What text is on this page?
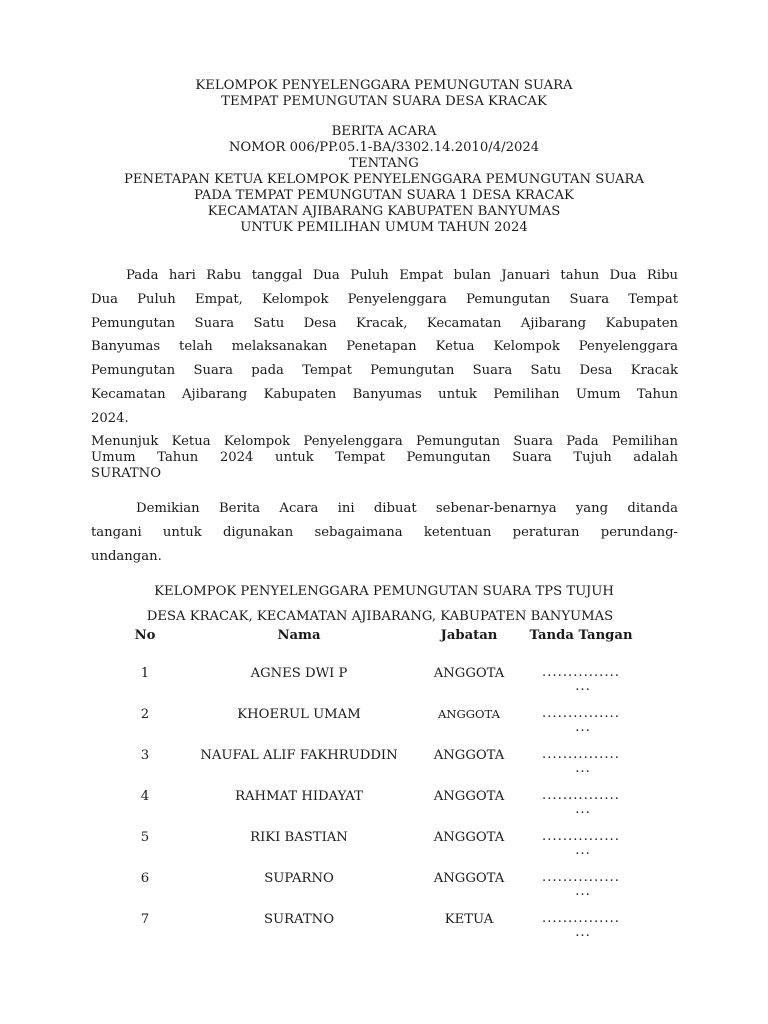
KELOMPOK PENYELENGGARA PEMUNGUTAN SUARA
TEMPAT PEMUNGUTAN SUARA DESA KRACAK
BERITA ACARA
NOMOR 006/PP.05.1-BA/3302.14.2010/4/2024
TENTANG
PENETAPAN KETUA KELOMPOK PENYELENGGARA PEMUNGUTAN SUARA
PADA TEMPAT PEMUNGUTAN SUARA 1 DESA KRACAK
KECAMATAN AJIBARANG KABUPATEN BANYUMAS
UNTUK PEMILIHAN UMUM TAHUN 2024
Pada hari Rabu tanggal Dua Puluh Empat bulan Januari tahun Dua Ribu
Dua Puluh Empat, Kelompok Penyelenggara Pemungutan Suara Tempat
Pemungutan Suara Satu Desa Kracak, Kecamatan Ajibarang Kabupaten
Banyumas telah melaksanakan Penetapan Ketua Kelompok Penyelenggara
Pemungutan Suara pada Tempat Pemungutan Suara Satu Desa Kracak
Kecamatan Ajibarang Kabupaten Banyumas untuk Pemilihan Umum Tahun
2024.
Menunjuk Ketua Kelompok Penyelenggara Pemungutan Suara Pada Pemilihan
Umum Tahun 2024 untuk Tempat Pemungutan Suara Tujuh adalah
SURATNO
Demikian Berita Acara ini dibuat sebenar-benarnya yang ditanda
tangani untuk digunakan sebagaimana ketentuan peraturan perundang-
undangan.
KELOMPOK PENYELENGGARA PEMUNGUTAN SUARA TPS TUJUH
DESA KRACAK, KECAMATAN AJIBARANG, KABUPATEN BANYUMAS
No	Nama	Jabatan	Tanda Tangan

1	AGNES DWI P	ANGGOTA	...............
...

2	KHOERUL UMAM	ANGGOTA	...............
...

3	NAUFAL ALIF FAKHRUDDIN	ANGGOTA	...............
...

4	RAHMAT HIDAYAT	ANGGOTA	...............
...

5	RIKI BASTIAN	ANGGOTA	...............
...

6	SUPARNO	ANGGOTA	...............
...

7	SURATNO	KETUA	...............
...
